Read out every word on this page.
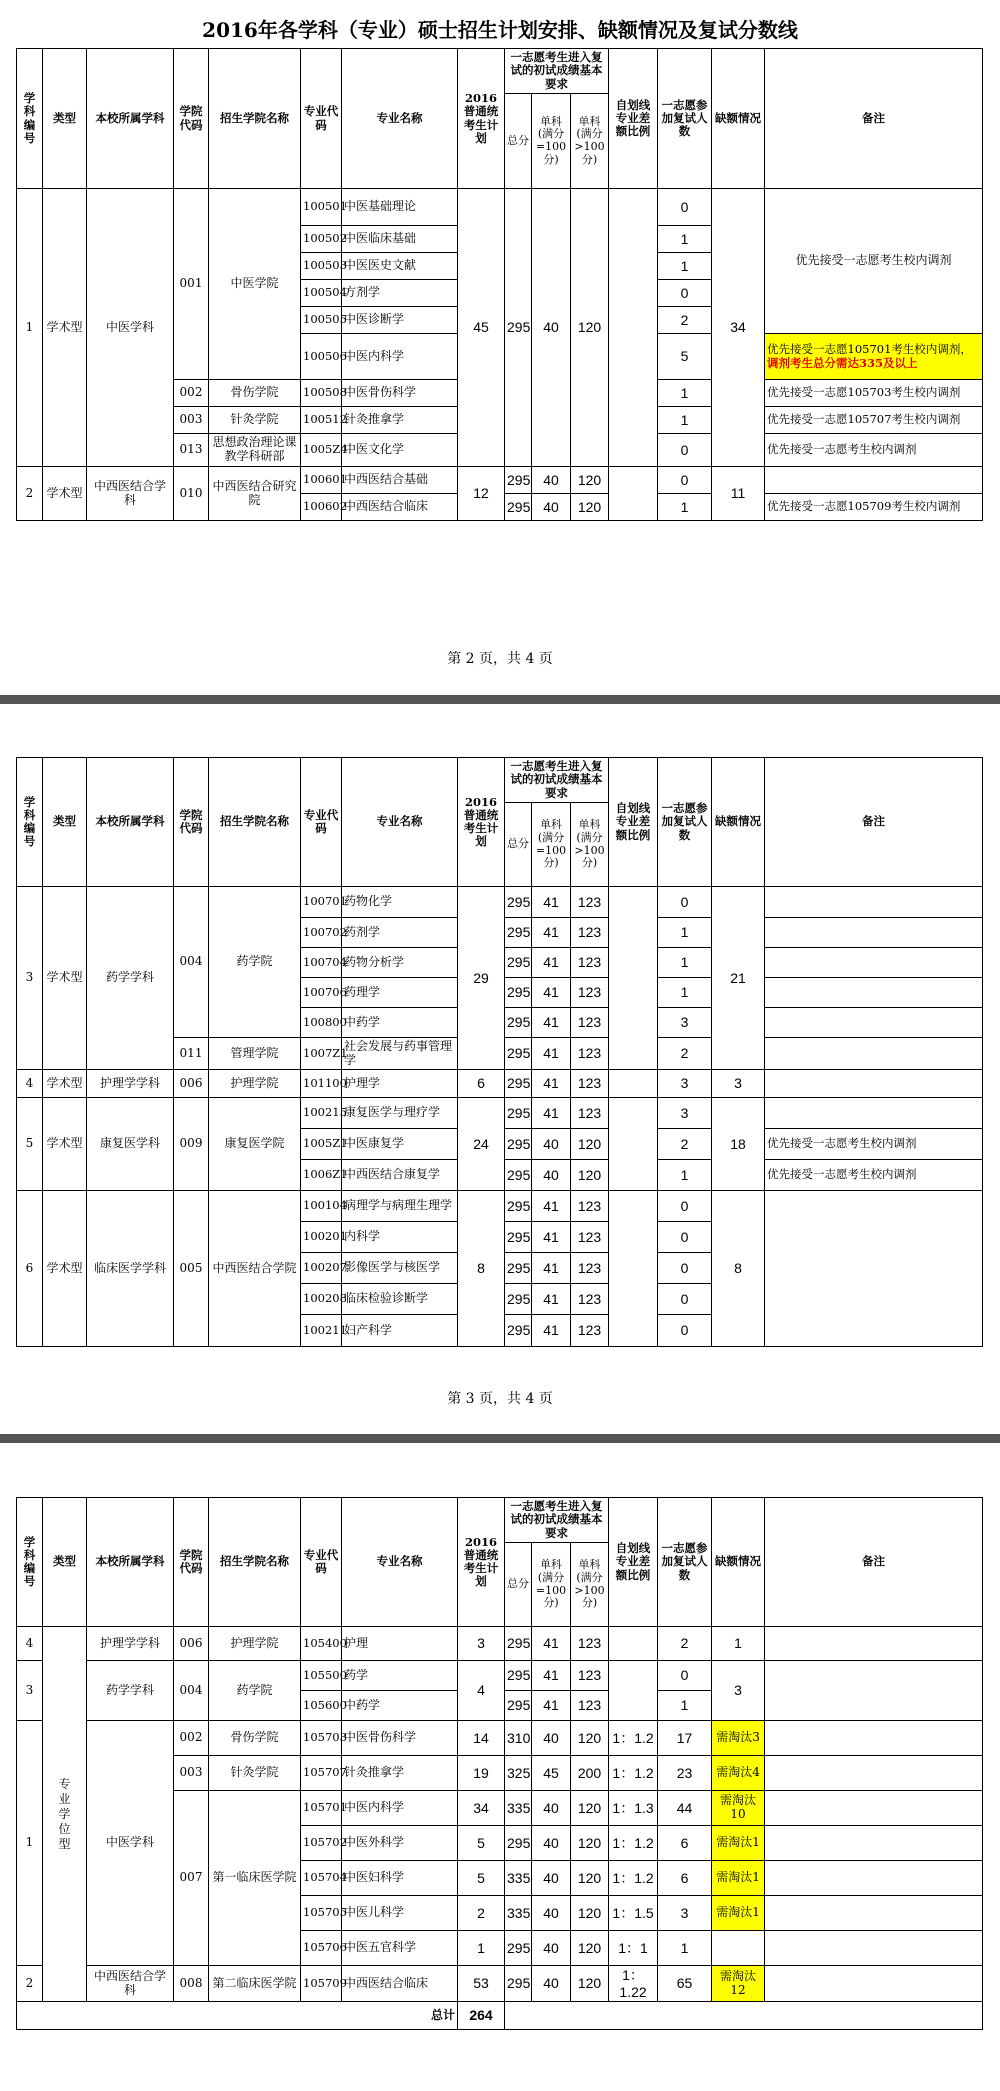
2016年各学科（专业）硕士招生计划安排、缺额情况及复试分数线
学科编号	类型	本校所属学科	学院代码	招生学院名称	专业代码	专业名称	2016普通统考生计划	一志愿考生进入复试的初试成绩基本要求			自划线专业差额比例	一志愿参加复试人数	缺额情况	备注
								总分	单科(满分=100分)	单科(满分>100分)				
1	学术型	中医学科	001	中医学院	100501	中医基础理论	45	295	40	120		0	34	优先接受一志愿考生校内调剂
					100502	中医临床基础						1		
					100503	中医医史文献						1		
					100504	方剂学						0		
					100505	中医诊断学						2		
					100506	中医内科学						5		优先接受一志愿105701考生校内调剂，调剂考生总分需达335及以上
			002	骨伤学院	100508	中医骨伤科学						1		优先接受一志愿105703考生校内调剂
			003	针灸学院	100512	针灸推拿学						1		优先接受一志愿105707考生校内调剂
			013	思想政治理论课教学科研部	1005Z4	中医文化学						0		优先接受一志愿考生校内调剂
2	学术型	中西医结合学科	010	中西医结合研究院	100601	中西医结合基础	12	295	40	120		0	11	
					100602	中西医结合临床		295	40	120		1		优先接受一志愿105709考生校内调剂
第 2 页，共 4 页
学科编号	类型	本校所属学科	学院代码	招生学院名称	专业代码	专业名称	2016普通统考生计划	一志愿考生进入复试的初试成绩基本要求			自划线专业差额比例	一志愿参加复试人数	缺额情况	备注
								总分	单科(满分=100分)	单科(满分>100分)				
3	学术型	药学学科	004	药学院	100701	药物化学	29	295	41	123		0	21	
					100702	药剂学		295	41	123		1		
					100704	药物分析学		295	41	123		1		
					100706	药理学		295	41	123		1		
					100800	中药学		295	41	123		3		
			011	管理学院	1007Z1	社会发展与药事管理学		295	41	123		2		
4	学术型	护理学学科	006	护理学院	101100	护理学	6	295	41	123		3	3	
5	学术型	康复医学科	009	康复医学院	100215	康复医学与理疗学	24	295	41	123		3	18	
					1005Z1	中医康复学		295	40	120		2		优先接受一志愿考生校内调剂
					1006Z1	中西医结合康复学		295	40	120		1		优先接受一志愿考生校内调剂
6	学术型	临床医学学科	005	中西医结合学院	100104	病理学与病理生理学	8	295	41	123		0	8	
					100201	内科学		295	41	123		0		
					100207	影像医学与核医学		295	41	123		0		
					100208	临床检验诊断学		295	41	123		0		
					100211	妇产科学		295	41	123		0		
第 3 页，共 4 页
学科编号	类型	本校所属学科	学院代码	招生学院名称	专业代码	专业名称	2016普通统考生计划	一志愿考生进入复试的初试成绩基本要求			自划线专业差额比例	一志愿参加复试人数	缺额情况	备注
								总分	单科(满分=100分)	单科(满分>100分)				
4	专业学位型	护理学学科	006	护理学院	105400	护理	3	295	41	123		2	1	
3		药学学科	004	药学院	105500	药学	4	295	41	123		0	3	
					105600	中药学		295	41	123		1		
1		中医学科	002	骨伤学院	105703	中医骨伤科学	14	310	40	120	1：1.2	17	需淘汰3	
			003	针灸学院	105707	针灸推拿学	19	325	45	200	1：1.2	23	需淘汰4	
			007	第一临床医学院	105701	中医内科学	34	335	40	120	1：1.3	44	需淘汰10	
					105702	中医外科学	5	295	40	120	1：1.2	6	需淘汰1	
					105704	中医妇科学	5	335	40	120	1：1.2	6	需淘汰1	
					105705	中医儿科学	2	335	40	120	1：1.5	3	需淘汰1	
					105706	中医五官科学	1	295	40	120	1：1	1		
2		中西医结合学科	008	第二临床医学院	105709	中西医结合临床	53	295	40	120	1：1.22	65	需淘汰12	
总计							264							
